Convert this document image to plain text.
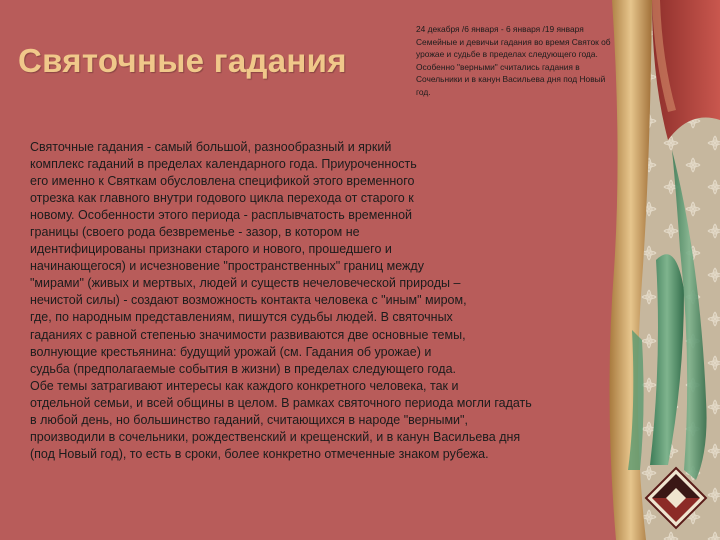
Святочные гадания

24 декабря /6 января - 6 января /19 января Семейные и девичьи гадания во время Святок об урожае и судьбе в пределах следующего года. Особенно "верными" считались гадания в Сочельники и в канун Васильева дня под Новый год.

Святочные гадания - самый большой, разнообразный и яркий

комплекс гаданий в пределах календарного года. Приуроченность

его именно к Святкам обусловлена спецификой этого временного

отрезка как главного внутри годового цикла перехода от старого к

новому. Особенности этого периода - расплывчатость временной

границы (своего рода безвременье - зазор, в котором не

идентифицированы признаки старого и нового, прошедшего и

начинающегося) и исчезновение "пространственных" границ между

"мирами" (живых и мертвых, людей и существ нечеловеческой природы –

нечистой силы) - создают возможность контакта человека с "иным" миром,

где, по народным представлениям, пишутся судьбы людей. В святочных

гаданиях с равной степенью значимости развиваются две основные темы,

волнующие крестьянина: будущий урожай (см. Гадания об урожае) и

судьба (предполагаемые события в жизни) в пределах следующего года.

Обе темы затрагивают интересы как каждого конкретного человека, так и

отдельной семьи, и всей общины в целом. В рамках святочного периода могли гадать

в любой день, но большинство гаданий, считающихся в народе "верными",

производили в сочельники, рождественский и крещенский, и в канун Васильева дня

(под Новый год), то есть в сроки, более конкретно отмеченные знаком рубежа.
